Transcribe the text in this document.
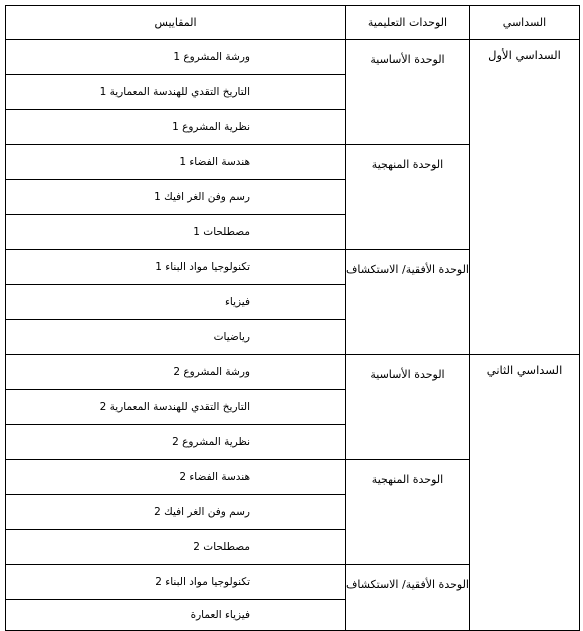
السداسي	الوحدات التعليمية	المقاييس
السداسي الأول	الوحدة الأساسية	ورشة المشروع 1
		التاريخ التقدي للهندسة المعمارية 1
		نظرية المشروع 1
	الوحدة المنهجية	هندسة الفضاء 1
		رسم وفن الغر افيك 1
		مصطلحات 1
	الوحدة الأفقية/ الاستكشاف	تكنولوجيا مواد البناء 1
		فيزياء
		رياضيات
السداسي الثاني	الوحدة الأساسية	ورشة المشروع 2
		التاريخ التقدي للهندسة المعمارية 2
		نظرية المشروع 2
	الوحدة المنهجية	هندسة الفضاء 2
		رسم وفن الغر افيك 2
		مصطلحات 2
	الوحدة الأفقية/ الاستكشاف	تكنولوجيا مواد البناء 2
		فيزياء العمارة
